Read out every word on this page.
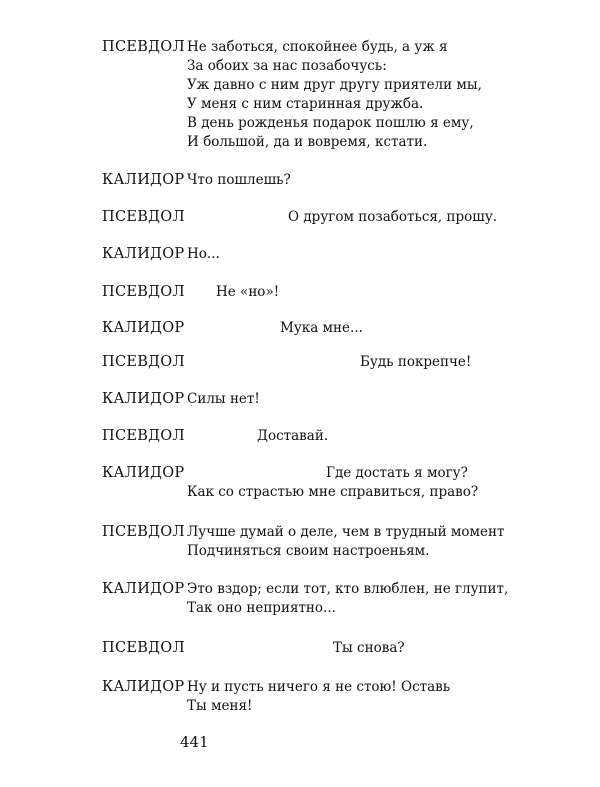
ПСЕВДОЛ Не заботься, спокойнее будь, а уж я
За обоих за нас позабочусь:
Уж давно с ним друг другу приятели мы,
У меня с ним старинная дружба.
В день рожденья подарок пошлю я ему,
И большой, да и вовремя, кстати.
КАЛИДОР Что пошлешь?
ПСЕВДОЛ	О другом позаботься, прошу.
КАЛИДОР Но...
ПСЕВДОЛ Не «но»!
КАЛИДОР	Мука мне...
ПСЕВДОЛ	Будь покрепче!
КАЛИДОР Силы нет!
ПСЕВДОЛ	Доставай.
КАЛИДОР	Где достать я могу?
Как со страстью мне справиться, право?
ПСЕВДОЛ Лучше думай о деле, чем в трудный момент
Подчиняться своим настроеньям.
КАЛИДОР Это вздор; если тот, кто влюблен, не глупит,
Так оно неприятно...
ПСЕВДОЛ	Ты снова?
КАЛИДОР Ну и пусть ничего я не стою! Оставь
Ты меня!
441
